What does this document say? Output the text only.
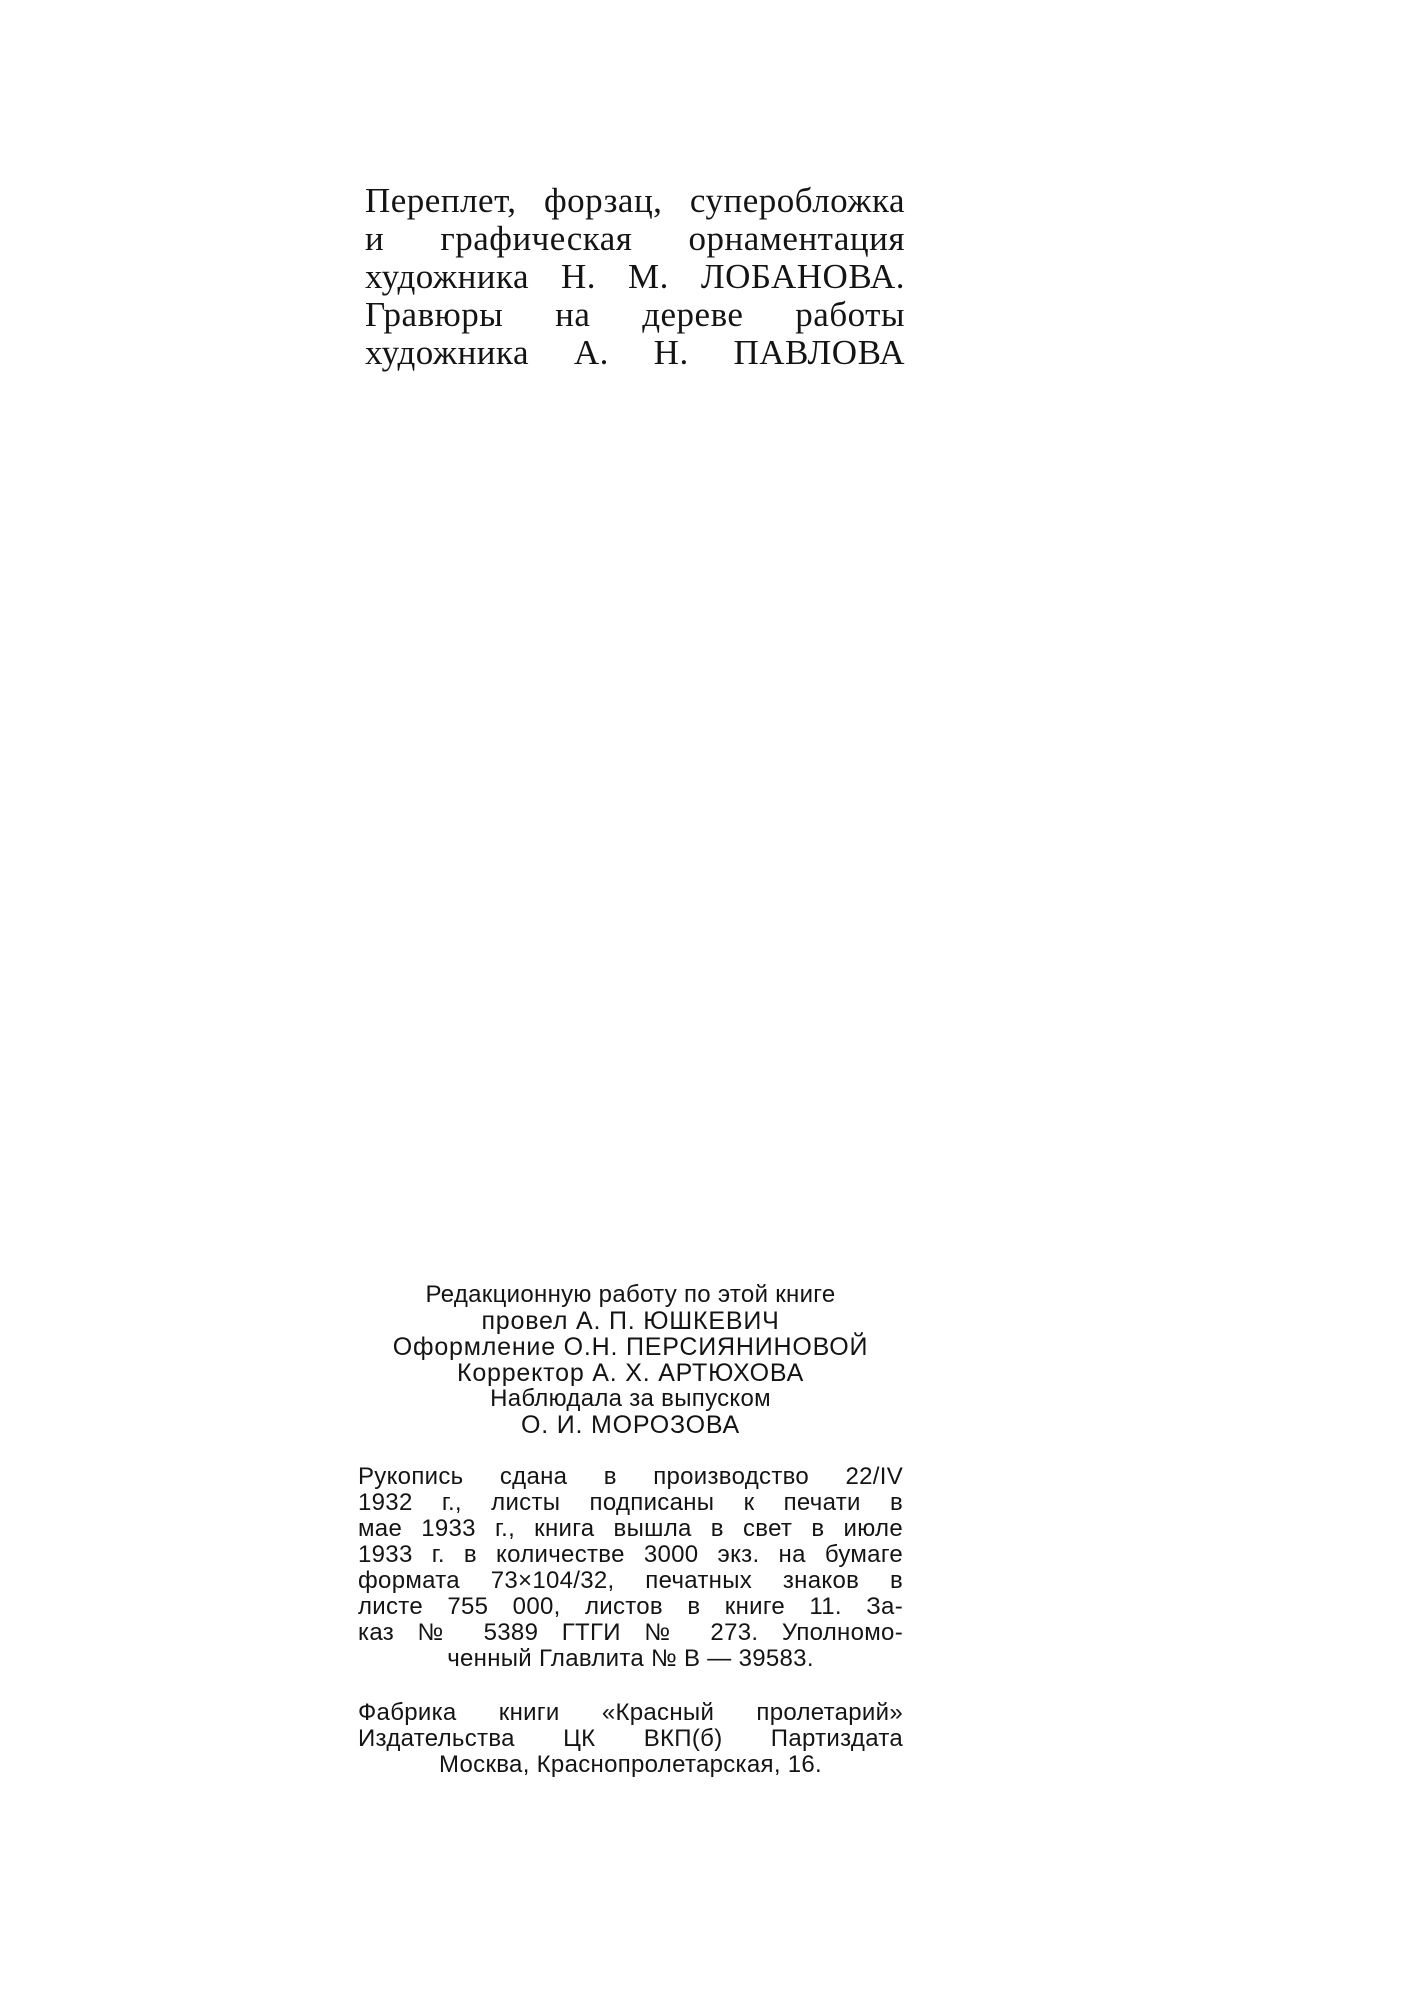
Переплет, форзац, суперобложка
и графическая орнаментация
художника Н. М. ЛОБАНОВА.
Гравюры на дереве работы
художника А. Н. ПАВЛОВА
Редакционную работу по этой книге
провел А. П. ЮШКЕВИЧ
Оформление О.Н. ПЕРСИЯНИНОВОЙ
Корректор А. Х. АРТЮХОВА
Наблюдала за выпуском
О. И. МОРОЗОВА
Рукопись сдана в производство 22/IV
1932 г., листы подписаны к печати в
мае 1933 г., книга вышла в свет в июле
1933 г. в количестве 3000 экз. на бумаге
формата 73×104/32, печатных знаков в
листе 755 000, листов в книге 11. За-
каз № 5389 ГТГИ № 273. Уполномо-
ченный Главлита № В — 39583.
Фабрика книги «Красный пролетарий»
Издательства ЦК ВКП(б) Партиздата
Москва, Краснопролетарская, 16.
